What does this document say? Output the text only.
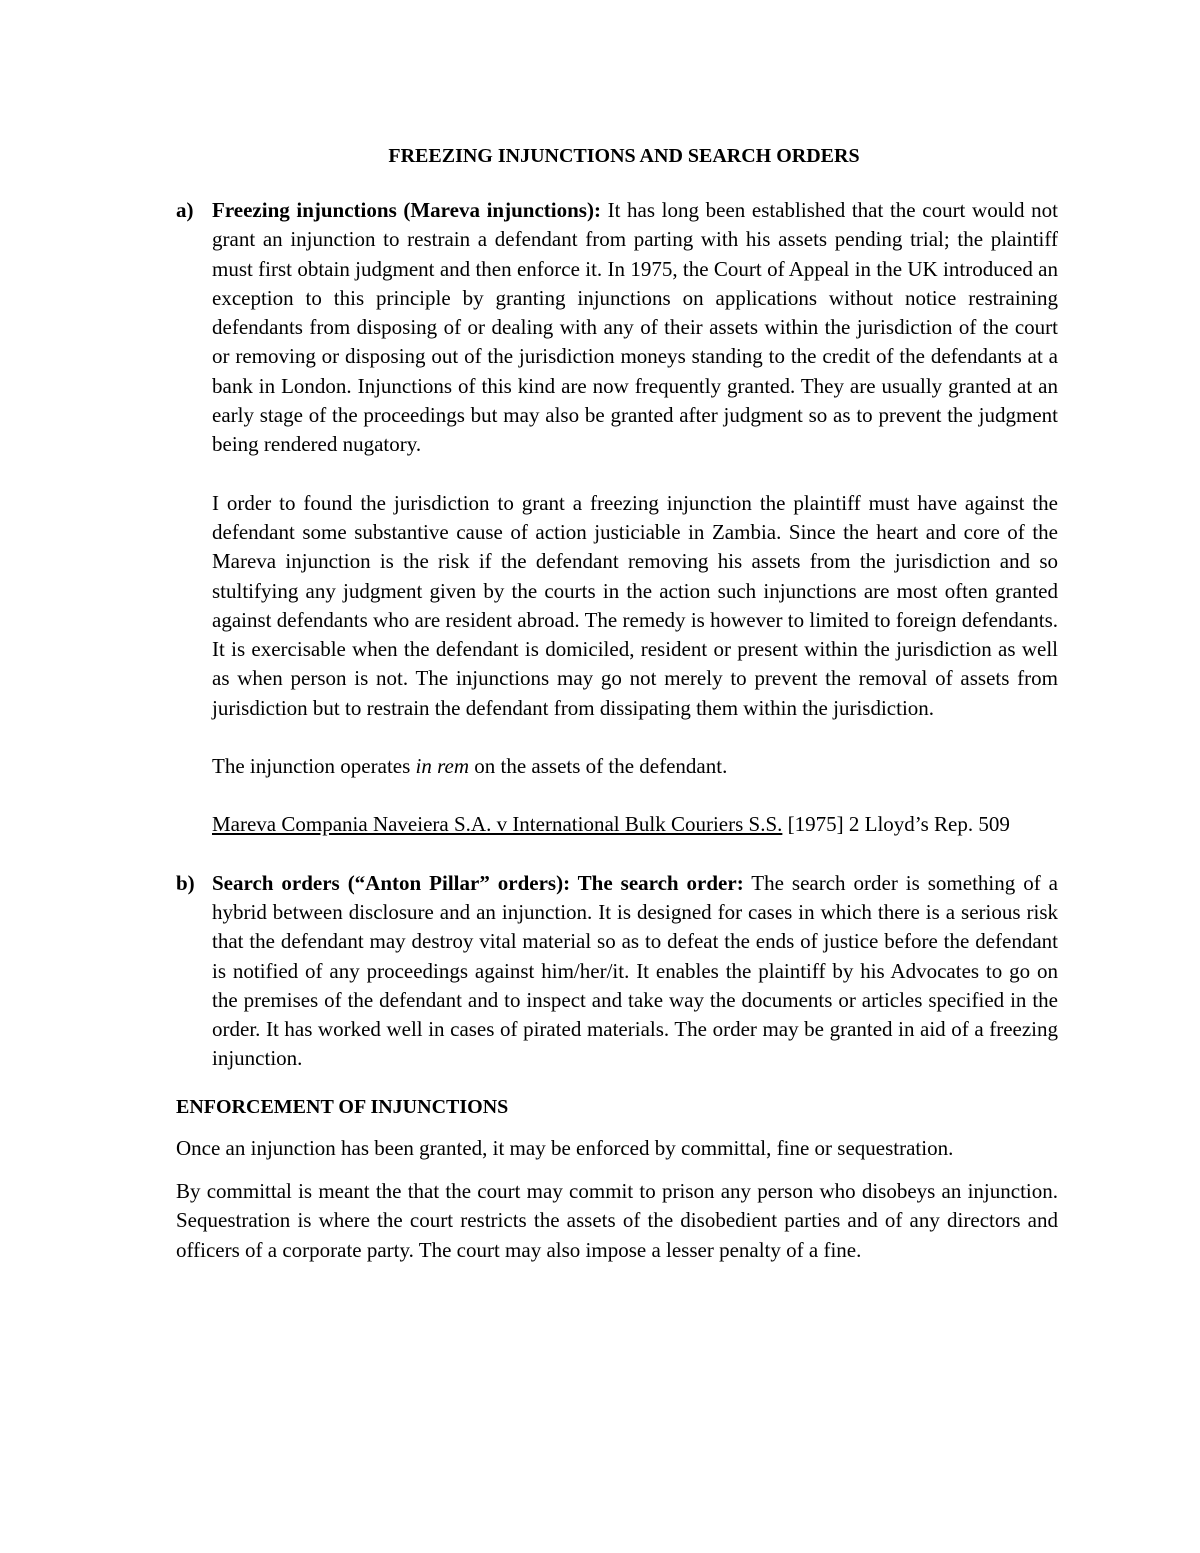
FREEZING INJUNCTIONS AND SEARCH ORDERS
a) Freezing injunctions (Mareva injunctions): It has long been established that the court would not grant an injunction to restrain a defendant from parting with his assets pending trial; the plaintiff must first obtain judgment and then enforce it. In 1975, the Court of Appeal in the UK introduced an exception to this principle by granting injunctions on applications without notice restraining defendants from disposing of or dealing with any of their assets within the jurisdiction of the court or removing or disposing out of the jurisdiction moneys standing to the credit of the defendants at a bank in London. Injunctions of this kind are now frequently granted. They are usually granted at an early stage of the proceedings but may also be granted after judgment so as to prevent the judgment being rendered nugatory.

I order to found the jurisdiction to grant a freezing injunction the plaintiff must have against the defendant some substantive cause of action justiciable in Zambia. Since the heart and core of the Mareva injunction is the risk if the defendant removing his assets from the jurisdiction and so stultifying any judgment given by the courts in the action such injunctions are most often granted against defendants who are resident abroad. The remedy is however to limited to foreign defendants. It is exercisable when the defendant is domiciled, resident or present within the jurisdiction as well as when person is not. The injunctions may go not merely to prevent the removal of assets from jurisdiction but to restrain the defendant from dissipating them within the jurisdiction.

The injunction operates in rem on the assets of the defendant.

Mareva Compania Naveiera S.A. v International Bulk Couriers S.S. [1975] 2 Lloyd’s Rep. 509

b) Search orders (“Anton Pillar” orders): The search order: The search order is something of a hybrid between disclosure and an injunction. It is designed for cases in which there is a serious risk that the defendant may destroy vital material so as to defeat the ends of justice before the defendant is notified of any proceedings against him/her/it. It enables the plaintiff by his Advocates to go on the premises of the defendant and to inspect and take way the documents or articles specified in the order. It has worked well in cases of pirated materials. The order may be granted in aid of a freezing injunction.

ENFORCEMENT OF INJUNCTIONS

Once an injunction has been granted, it may be enforced by committal, fine or sequestration.

By committal is meant the that the court may commit to prison any person who disobeys an injunction. Sequestration is where the court restricts the assets of the disobedient parties and of any directors and officers of a corporate party. The court may also impose a lesser penalty of a fine.
